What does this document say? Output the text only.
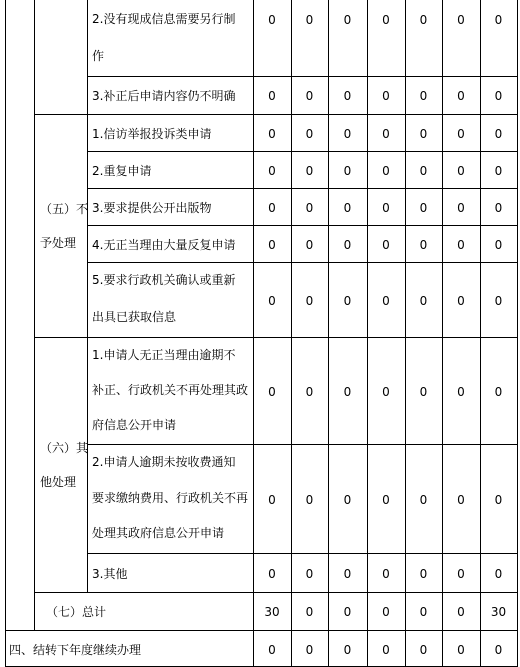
（五）不
予处理
（六）其
他处理
2.没有现成信息需要另行制
作
0	0	0	0	0	0	0
3.补正后申请内容仍不明确	0	0	0	0	0	0	0
1.信访举报投诉类申请	0	0	0	0	0	0	0
2.重复申请	0	0	0	0	0	0	0
3.要求提供公开出版物	0	0	0	0	0	0	0
4.无正当理由大量反复申请	0	0	0	0	0	0	0
5.要求行政机关确认或重新
出具已获取信息
0	0	0	0	0	0	0
1.申请人无正当理由逾期不
补正、行政机关不再处理其政
府信息公开申请
0	0	0	0	0	0	0
2.申请人逾期未按收费通知
要求缴纳费用、行政机关不再
处理其政府信息公开申请
0	0	0	0	0	0	0
3.其他	0	0	0	0	0	0	0
（七）总计	30	0	0	0	0	0	30
四、结转下年度继续办理	0	0	0	0	0	0	0
